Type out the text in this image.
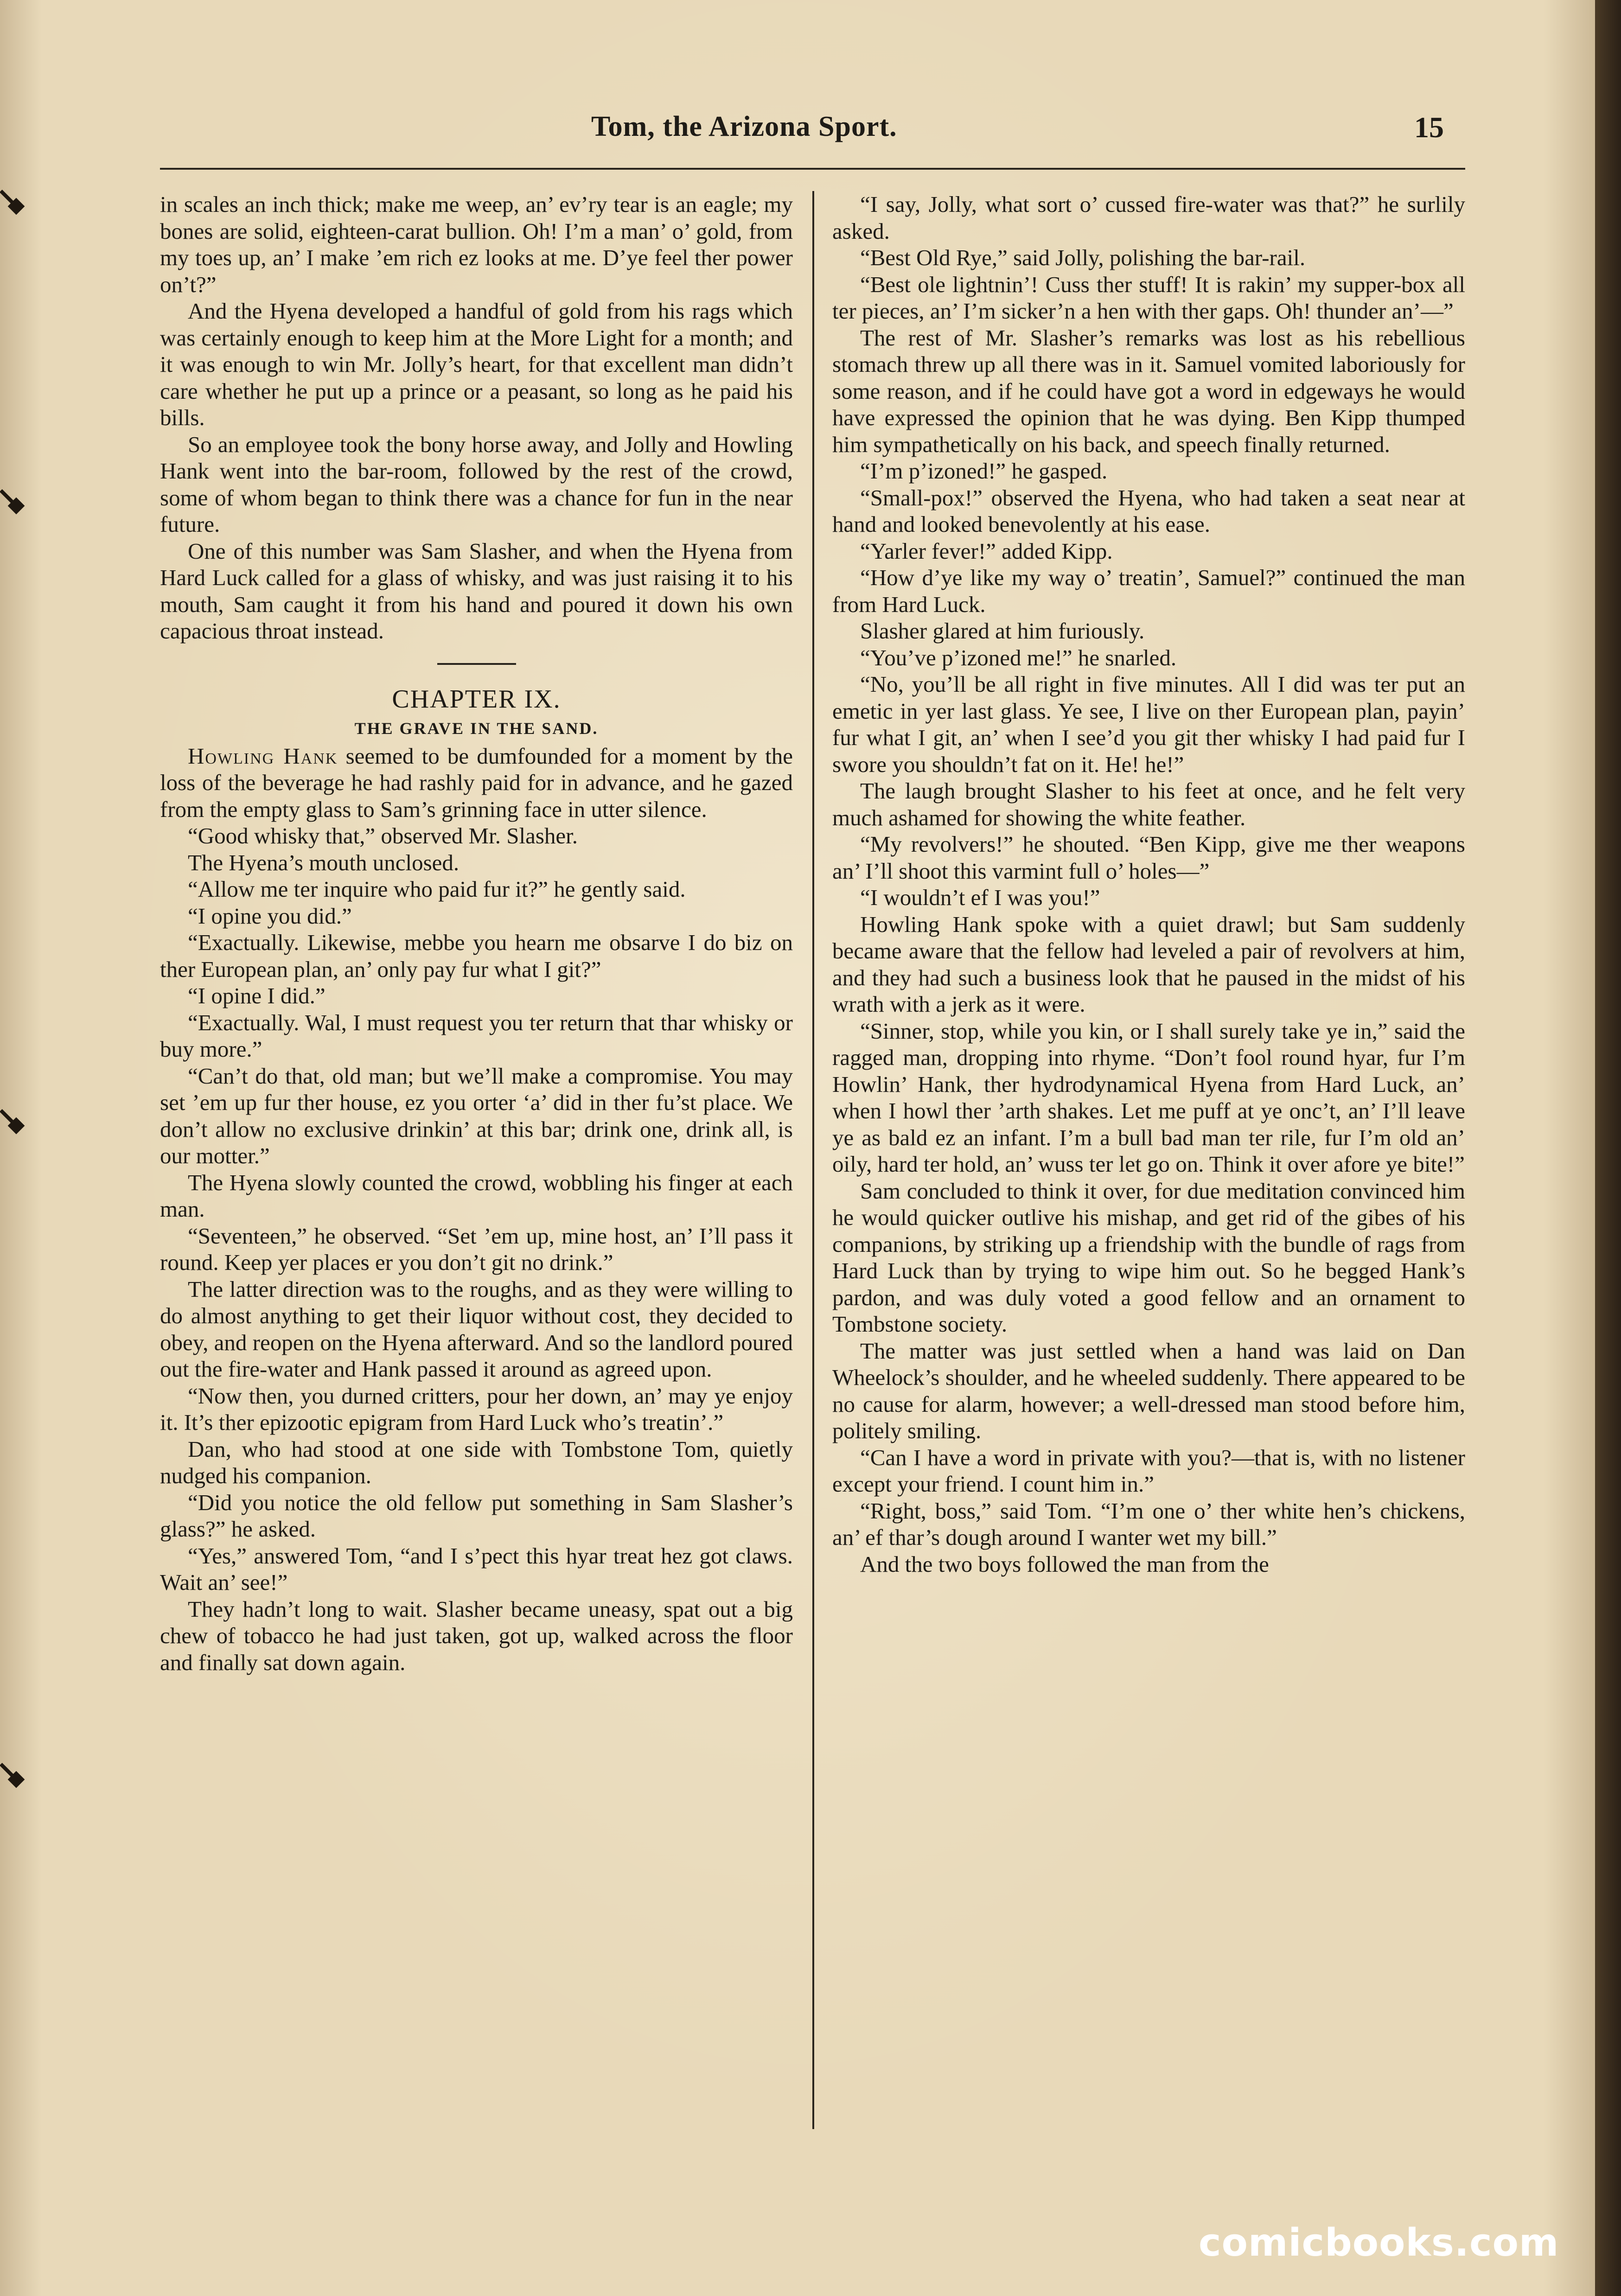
Tom, the Arizona Sport.	15

in scales an inch thick; make me weep, an’ ev’ry tear is an eagle; my bones are solid, eighteen-carat bullion. Oh! I’m a man’ o’ gold, from my toes up, an’ I make ’em rich ez looks at me. D’ye feel ther power on’t?”

And the Hyena developed a handful of gold from his rags which was certainly enough to keep him at the More Light for a month; and it was enough to win Mr. Jolly’s heart, for that excellent man didn’t care whether he put up a prince or a peasant, so long as he paid his bills.

So an employee took the bony horse away, and Jolly and Howling Hank went into the bar-room, followed by the rest of the crowd, some of whom began to think there was a chance for fun in the near future.

One of this number was Sam Slasher, and when the Hyena from Hard Luck called for a glass of whisky, and was just raising it to his mouth, Sam caught it from his hand and poured it down his own capacious throat instead.

CHAPTER IX.

THE GRAVE IN THE SAND.

Howling Hank seemed to be dumfounded for a moment by the loss of the beverage he had rashly paid for in advance, and he gazed from the empty glass to Sam’s grinning face in utter silence.

“Good whisky that,” observed Mr. Slasher.

The Hyena’s mouth unclosed.

“Allow me ter inquire who paid fur it?” he gently said.

“I opine you did.”

“Exactually. Likewise, mebbe you hearn me obsarve I do biz on ther European plan, an’ only pay fur what I git?”

“I opine I did.”

“Exactually. Wal, I must request you ter return that thar whisky or buy more.”

“Can’t do that, old man; but we’ll make a compromise. You may set ’em up fur ther house, ez you orter ‘a’ did in ther fu’st place. We don’t allow no exclusive drinkin’ at this bar; drink one, drink all, is our motter.”

The Hyena slowly counted the crowd, wobbling his finger at each man.

“Seventeen,” he observed. “Set ’em up, mine host, an’ I’ll pass it round. Keep yer places er you don’t git no drink.”

The latter direction was to the roughs, and as they were willing to do almost anything to get their liquor without cost, they decided to obey, and reopen on the Hyena afterward. And so the landlord poured out the fire-water and Hank passed it around as agreed upon.

“Now then, you durned critters, pour her down, an’ may ye enjoy it. It’s ther epizootic epigram from Hard Luck who’s treatin’.”

Dan, who had stood at one side with Tombstone Tom, quietly nudged his companion.

“Did you notice the old fellow put something in Sam Slasher’s glass?” he asked.

“Yes,” answered Tom, “and I s’pect this hyar treat hez got claws. Wait an’ see!”

They hadn’t long to wait. Slasher became uneasy, spat out a big chew of tobacco he had just taken, got up, walked across the floor and finally sat down again.

“I say, Jolly, what sort o’ cussed fire-water was that?” he surlily asked.

“Best Old Rye,” said Jolly, polishing the bar-rail.

“Best ole lightnin’! Cuss ther stuff! It is rakin’ my supper-box all ter pieces, an’ I’m sicker’n a hen with ther gaps. Oh! thunder an’—”

The rest of Mr. Slasher’s remarks was lost as his rebellious stomach threw up all there was in it. Samuel vomited laboriously for some reason, and if he could have got a word in edgeways he would have expressed the opinion that he was dying. Ben Kipp thumped him sympathetically on his back, and speech finally returned.

“I’m p’izoned!” he gasped.

“Small-pox!” observed the Hyena, who had taken a seat near at hand and looked benevolently at his ease.

“Yarler fever!” added Kipp.

“How d’ye like my way o’ treatin’, Samuel?” continued the man from Hard Luck.

Slasher glared at him furiously.

“You’ve p’izoned me!” he snarled.

“No, you’ll be all right in five minutes. All I did was ter put an emetic in yer last glass. Ye see, I live on ther European plan, payin’ fur what I git, an’ when I see’d you git ther whisky I had paid fur I swore you shouldn’t fat on it. He! he!”

The laugh brought Slasher to his feet at once, and he felt very much ashamed for showing the white feather.

“My revolvers!” he shouted. “Ben Kipp, give me ther weapons an’ I’ll shoot this varmint full o’ holes—”

“I wouldn’t ef I was you!”

Howling Hank spoke with a quiet drawl; but Sam suddenly became aware that the fellow had leveled a pair of revolvers at him, and they had such a business look that he paused in the midst of his wrath with a jerk as it were.

“Sinner, stop, while you kin, or I shall surely take ye in,” said the ragged man, dropping into rhyme. “Don’t fool round hyar, fur I’m Howlin’ Hank, ther hydrodynamical Hyena from Hard Luck, an’ when I howl ther ’arth shakes. Let me puff at ye onc’t, an’ I’ll leave ye as bald ez an infant. I’m a bull bad man ter rile, fur I’m old an’ oily, hard ter hold, an’ wuss ter let go on. Think it over afore ye bite!”

Sam concluded to think it over, for due meditation convinced him he would quicker outlive his mishap, and get rid of the gibes of his companions, by striking up a friendship with the bundle of rags from Hard Luck than by trying to wipe him out. So he begged Hank’s pardon, and was duly voted a good fellow and an ornament to Tombstone society.

The matter was just settled when a hand was laid on Dan Wheelock’s shoulder, and he wheeled suddenly. There appeared to be no cause for alarm, however; a well-dressed man stood before him, politely smiling.

“Can I have a word in private with you?—that is, with no listener except your friend. I count him in.”

“Right, boss,” said Tom. “I’m one o’ ther white hen’s chickens, an’ ef thar’s dough around I wanter wet my bill.”

And the two boys followed the man from the

comicbooks.com
